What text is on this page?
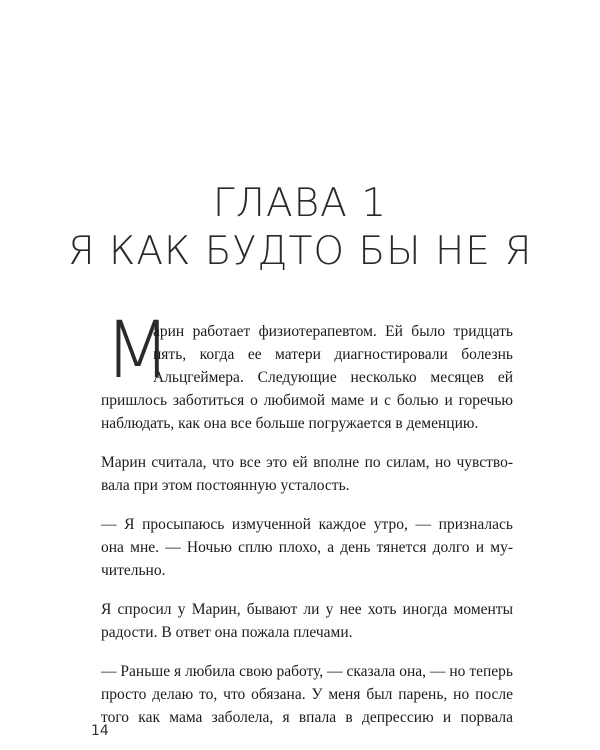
ГЛАВА 1
Я КАК БУДТО БЫ НЕ Я
М

арин работает физиотерапевтом. Ей было тридцать
пять, когда ее матери диагностировали болезнь
Альцгеймера. Следующие несколько месяцев ей
пришлось заботиться о любимой маме и с болью и горечью
наблюдать, как она все больше погружается в деменцию.

Марин считала, что все это ей вполне по силам, но чувство-
вала при этом постоянную усталость.

— Я просыпаюсь измученной каждое утро, — призналась
она мне. — Ночью сплю плохо, а день тянется долго и му-
чительно.

Я спросил у Марин, бывают ли у нее хоть иногда моменты
радости. В ответ она пожала плечами.

— Раньше я любила свою работу, — сказала она, — но теперь
просто делаю то, что обязана. У меня был парень, но после
того как мама заболела, я впала в депрессию и порвала

14
